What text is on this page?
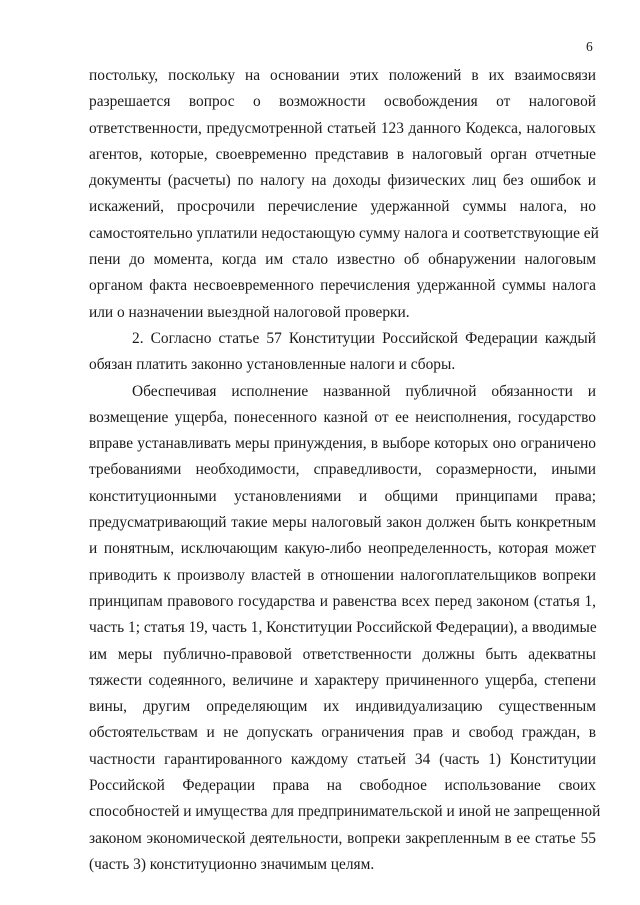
6
постольку, поскольку на основании этих положений в их взаимосвязи
разрешается вопрос о возможности освобождения от налоговой
ответственности, предусмотренной статьей 123 данного Кодекса, налоговых
агентов, которые, своевременно представив в налоговый орган отчетные
документы (расчеты) по налогу на доходы физических лиц без ошибок и
искажений, просрочили перечисление удержанной суммы налога, но
самостоятельно уплатили недостающую сумму налога и соответствующие ей
пени до момента, когда им стало известно об обнаружении налоговым
органом факта несвоевременного перечисления удержанной суммы налога
или о назначении выездной налоговой проверки.
2. Согласно статье 57 Конституции Российской Федерации каждый
обязан платить законно установленные налоги и сборы.
Обеспечивая исполнение названной публичной обязанности и
возмещение ущерба, понесенного казной от ее неисполнения, государство
вправе устанавливать меры принуждения, в выборе которых оно ограничено
требованиями необходимости, справедливости, соразмерности, иными
конституционными установлениями и общими принципами права;
предусматривающий такие меры налоговый закон должен быть конкретным
и понятным, исключающим какую-либо неопределенность, которая может
приводить к произволу властей в отношении налогоплательщиков вопреки
принципам правового государства и равенства всех перед законом (статья 1,
часть 1; статья 19, часть 1, Конституции Российской Федерации), а вводимые
им меры публично-правовой ответственности должны быть адекватны
тяжести содеянного, величине и характеру причиненного ущерба, степени
вины, другим определяющим их индивидуализацию существенным
обстоятельствам и не допускать ограничения прав и свобод граждан, в
частности гарантированного каждому статьей 34 (часть 1) Конституции
Российской Федерации права на свободное использование своих
способностей и имущества для предпринимательской и иной не запрещенной
законом экономической деятельности, вопреки закрепленным в ее статье 55
(часть 3) конституционно значимым целям.
